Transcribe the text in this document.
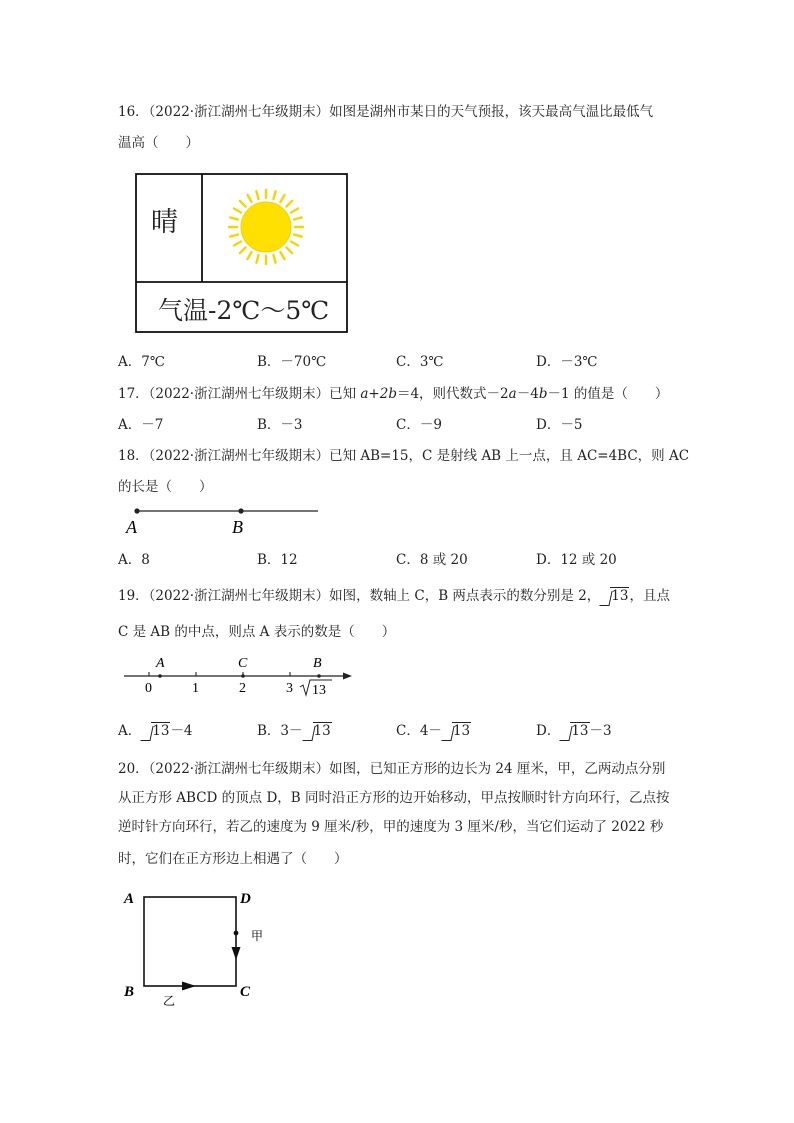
16．（2022·浙江湖州七年级期末）如图是湖州市某日的天气预报，该天最高气温比最低气
温高（　　）
晴
气温-2℃～5℃
A．7℃	B．－70℃	C．3℃	D．－3℃
17．（2022·浙江湖州七年级期末）已知 a+2b＝4，则代数式－2a－4b－1 的值是（　　）
A．－7	B．－3	C．－9	D．－5
18．（2022·浙江湖州七年级期末）已知 AB=15，C 是射线 AB 上一点，且 AC=4BC，则 AC
的长是（　　）
A	B
A．8	B．12	C．8 或 20	D．12 或 20
19．（2022·浙江湖州七年级期末）如图，数轴上 C，B 两点表示的数分别是 2， 13，且点
C 是 AB 的中点，则点 A 表示的数是（　　）
A	C	B
0	1	2	3 13
A． 13－4	B．3－ 13	C．4－ 13	D． 13－3
20．（2022·浙江湖州七年级期末）如图，已知正方形的边长为 24 厘米，甲，乙两动点分别
从正方形 ABCD 的顶点 D，B 同时沿正方形的边开始移动，甲点按顺时针方向环行，乙点按
逆时针方向环行，若乙的速度为 9 厘米/秒，甲的速度为 3 厘米/秒，当它们运动了 2022 秒
时，它们在正方形边上相遇了（　　）
A	D
B	C
甲
乙
